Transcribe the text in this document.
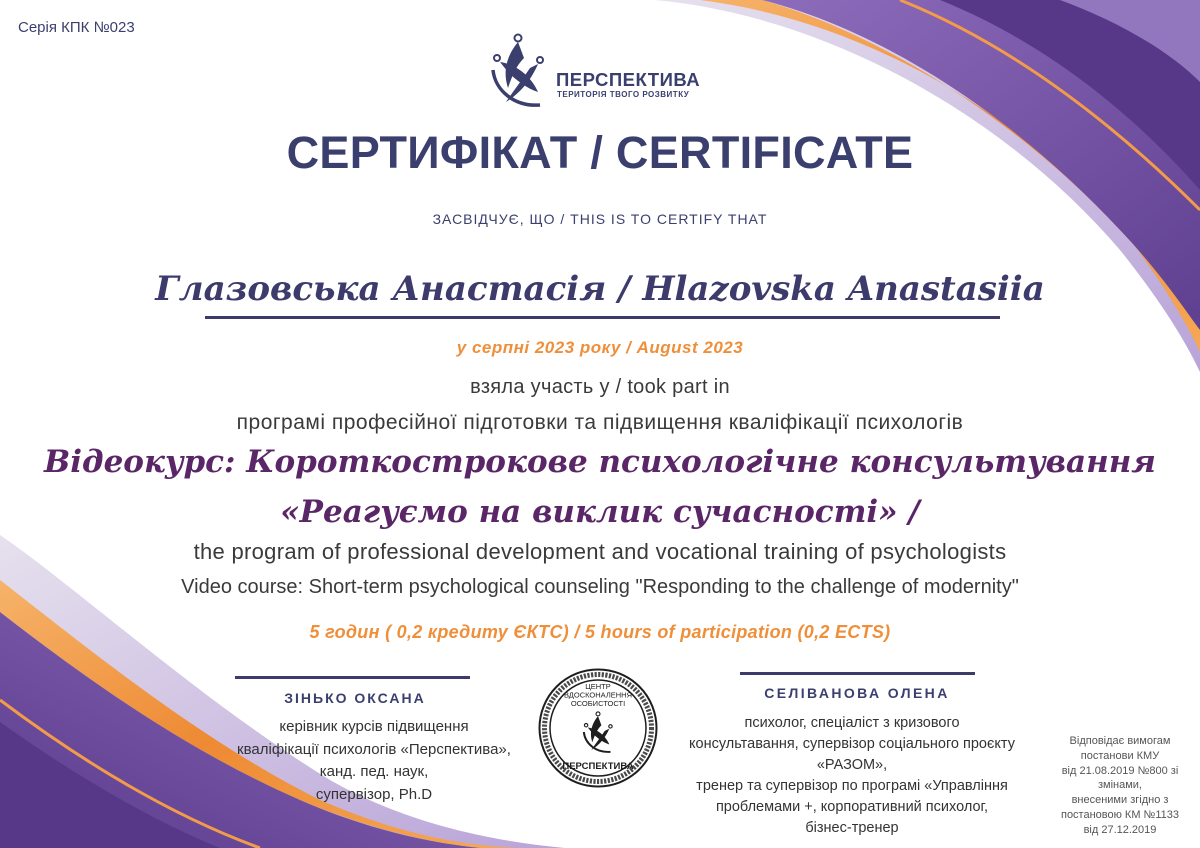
Серія КПК №023
ПЕРСПЕКТИВА
ТЕРИТОРІЯ ТВОГО РОЗВИТКУ
СЕРТИФІКАТ / CERTIFICATE
ЗАСВІДЧУЄ, ЩО / THIS IS TO CERTIFY THAT
Глазовська Анастасія / Hlazovska Anastasiia
у серпні 2023 року / August 2023
взяла участь у / took part in
програмі професійної підготовки та підвищення кваліфікації психологів
Відеокурс: Короткострокове психологічне консультування
«Реагуємо на виклик сучасності» /
the program of professional development and vocational training of psychologists
Video course: Short-term psychological counseling "Responding to the challenge of modernity"
5 годин ( 0,2 кредиту ЄКТС) / 5 hours of participation (0,2 ECTS)
ЗІНЬКО ОКСАНА
керівник курсів підвищення
кваліфікації психологів «Перспектива»,
канд. пед. наук,
супервізор, Ph.D
ЦЕНТР
ВДОСКОНАЛЕННЯ
ОСОБИСТОСТІ
ПЕРСПЕКТИВА
СЕЛІВАНОВА ОЛЕНА
психолог, спеціаліст з кризового
консультавання, супервізор соціального проєкту
«РАЗОМ»,
тренер та супервізор по програмі «Управління
проблемами +, корпоративний психолог,
бізнес-тренер
Відповідає вимогам
постанови КМУ
від 21.08.2019 №800 зі
змінами,
внесеними згідно з
постановою КМ №1133
від 27.12.2019
